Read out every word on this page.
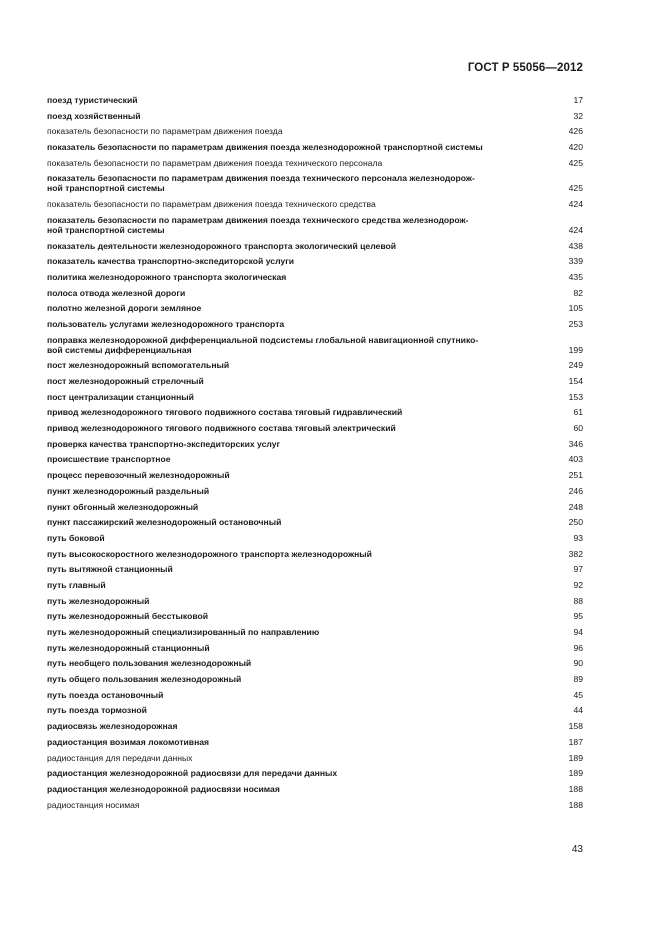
ГОСТ Р 55056—2012
поезд туристический	17
поезд хозяйственный	32
показатель безопасности по параметрам движения поезда	426
показатель безопасности по параметрам движения поезда железнодорожной транспортной системы	420
показатель безопасности по параметрам движения поезда технического персонала	425
показатель безопасности по параметрам движения поезда технического персонала железнодорож-
ной транспортной системы	425
показатель безопасности по параметрам движения поезда технического средства	424
показатель безопасности по параметрам движения поезда технического средства железнодорож-
ной транспортной системы	424
показатель деятельности железнодорожного транспорта экологический целевой	438
показатель качества транспортно-экспедиторской услуги	339
политика железнодорожного транспорта экологическая	435
полоса отвода железной дороги	82
полотно железной дороги земляное	105
пользователь услугами железнодорожного транспорта	253
поправка железнодорожной дифференциальной подсистемы глобальной навигационной спутнико-
вой системы дифференциальная	199
пост железнодорожный вспомогательный	249
пост железнодорожный стрелочный	154
пост централизации станционный	153
привод железнодорожного тягового подвижного состава тяговый гидравлический	61
привод железнодорожного тягового подвижного состава тяговый электрический	60
проверка качества транспортно-экспедиторских услуг	346
происшествие транспортное	403
процесс перевозочный железнодорожный	251
пункт железнодорожный раздельный	246
пункт обгонный железнодорожный	248
пункт пассажирский железнодорожный остановочный	250
путь боковой	93
путь высокоскоростного железнодорожного транспорта железнодорожный	382
путь вытяжной станционный	97
путь главный	92
путь железнодорожный	88
путь железнодорожный бесстыковой	95
путь железнодорожный специализированный по направлению	94
путь железнодорожный станционный	96
путь необщего пользования железнодорожный	90
путь общего пользования железнодорожный	89
путь поезда остановочный	45
путь поезда тормозной	44
радиосвязь железнодорожная	158
радиостанция возимая локомотивная	187
радиостанция для передачи данных	189
радиостанция железнодорожной радиосвязи для передачи данных	189
радиостанция железнодорожной радиосвязи носимая	188
радиостанция носимая	188
43
